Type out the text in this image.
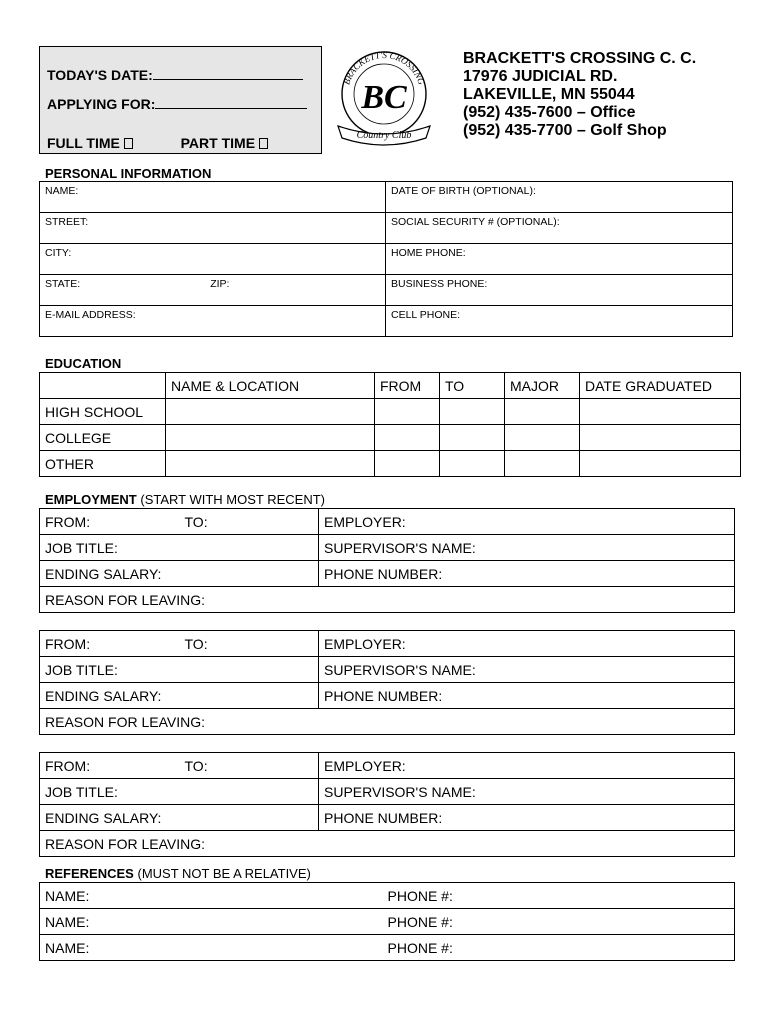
TODAY'S DATE:
APPLYING FOR:
FULL TIME	PART TIME
BRACKETT'S CROSSING
BC
Country Club
BRACKETT'S CROSSING C. C.
17976 JUDICIAL RD.
LAKEVILLE, MN 55044
(952) 435-7600 – Office
(952) 435-7700 – Golf Shop
PERSONAL INFORMATION
NAME:	DATE OF BIRTH (OPTIONAL):
STREET:	SOCIAL SECURITY # (OPTIONAL):
CITY:	HOME PHONE:
STATE: ZIP:	BUSINESS PHONE:
E-MAIL ADDRESS:	CELL PHONE:
EDUCATION
	NAME & LOCATION	FROM	TO	MAJOR	DATE GRADUATED
HIGH SCHOOL					
COLLEGE					
OTHER					
EMPLOYMENT (START WITH MOST RECENT)
FROM:	TO:	EMPLOYER:
JOB TITLE:		SUPERVISOR'S NAME:
ENDING SALARY:		PHONE NUMBER:
REASON FOR LEAVING:		
FROM:	TO:	EMPLOYER:
JOB TITLE:		SUPERVISOR'S NAME:
ENDING SALARY:		PHONE NUMBER:
REASON FOR LEAVING:		
FROM:	TO:	EMPLOYER:
JOB TITLE:		SUPERVISOR'S NAME:
ENDING SALARY:		PHONE NUMBER:
REASON FOR LEAVING:		
REFERENCES (MUST NOT BE A RELATIVE)
NAME:	PHONE #:
NAME:	PHONE #:
NAME:	PHONE #:
